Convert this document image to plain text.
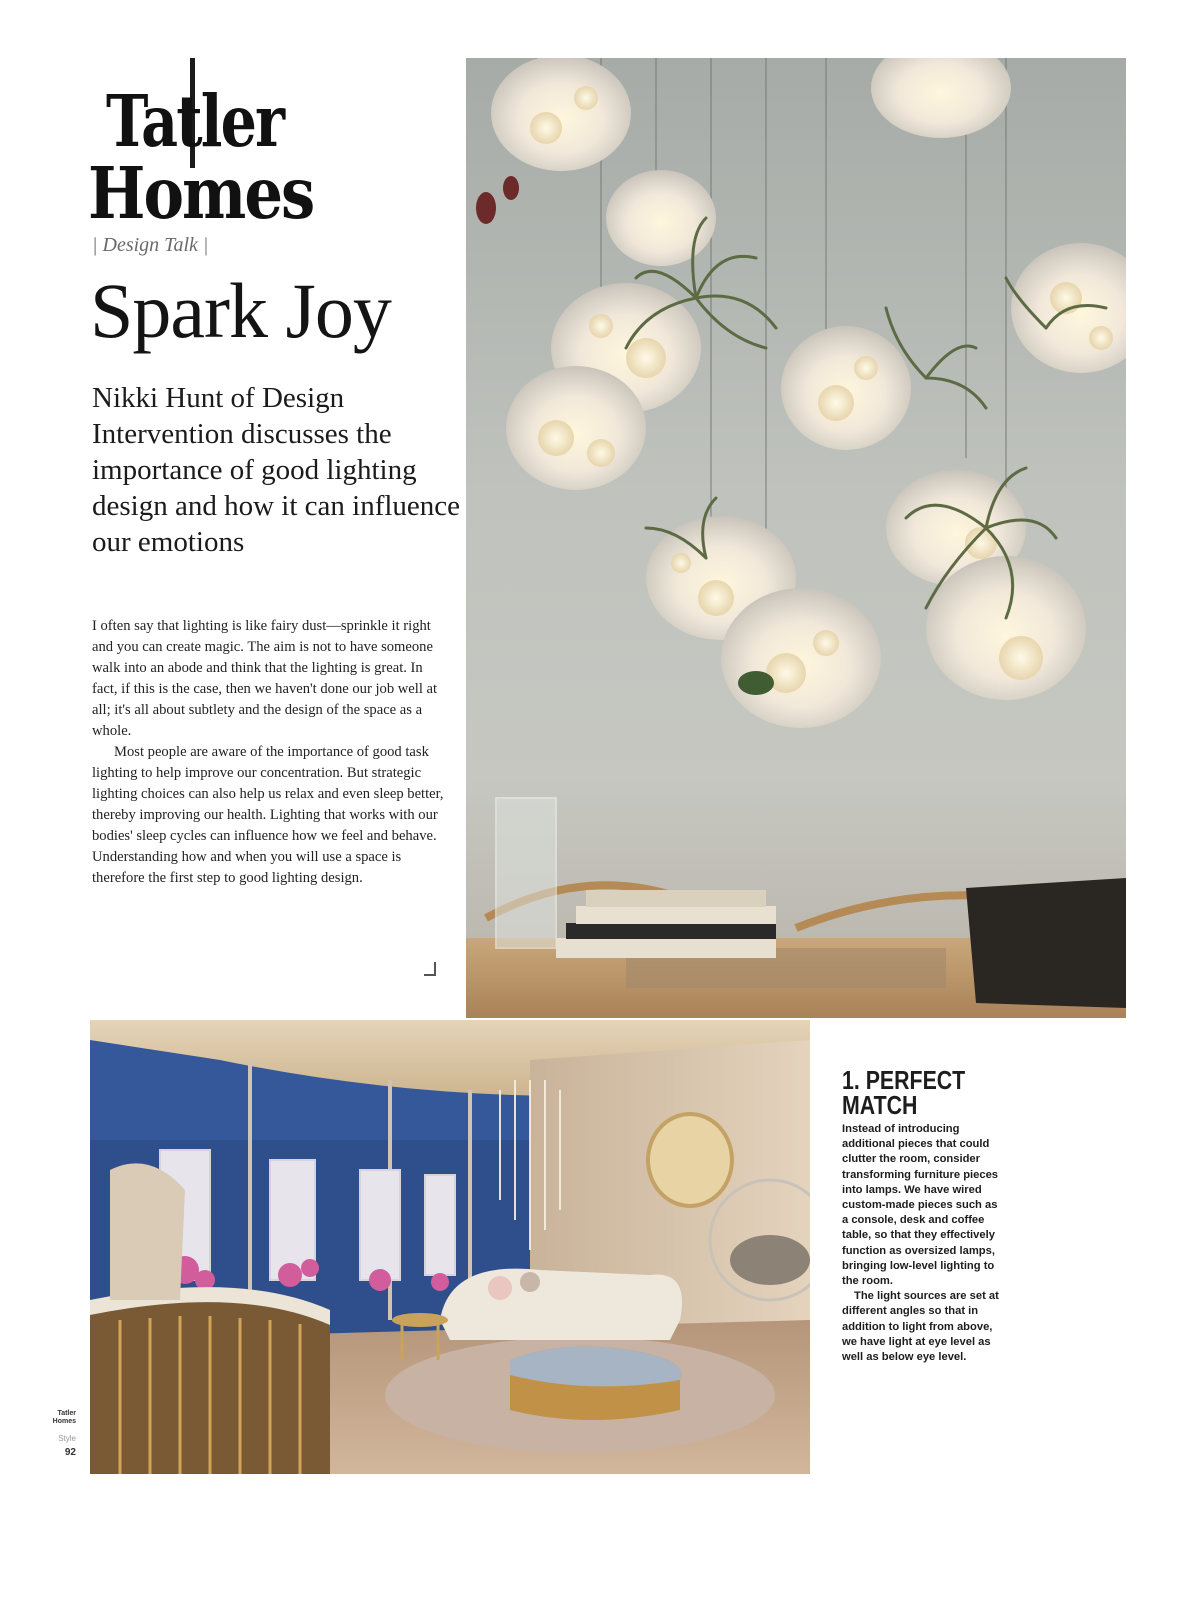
Tatler
Homes
| Design Talk |
Spark Joy
Nikki Hunt of Design Intervention discusses the importance of good lighting design and how it can influence our emotions

I often say that lighting is like fairy dust—sprinkle it right and you can create magic. The aim is not to have someone walk into an abode and think that the lighting is great. In fact, if this is the case, then we haven't done our job well at all; it's all about subtlety and the design of the space as a whole.

Most people are aware of the importance of good task lighting to help improve our concentration. But strategic lighting choices can also help us relax and even sleep better, thereby improving our health. Lighting that works with our bodies' sleep cycles can influence how we feel and behave. Understanding how and when you will use a space is therefore the first step to good lighting design.

1. PERFECT MATCH

Instead of introducing additional pieces that could clutter the room, consider transforming furniture pieces into lamps. We have wired custom-made pieces such as a console, desk and coffee table, so that they effectively function as oversized lamps, bringing low-level lighting to the room.

The light sources are set at different angles so that in addition to light from above, we have light at eye level as well as below eye level.

Tatler
Homes
Style
92
